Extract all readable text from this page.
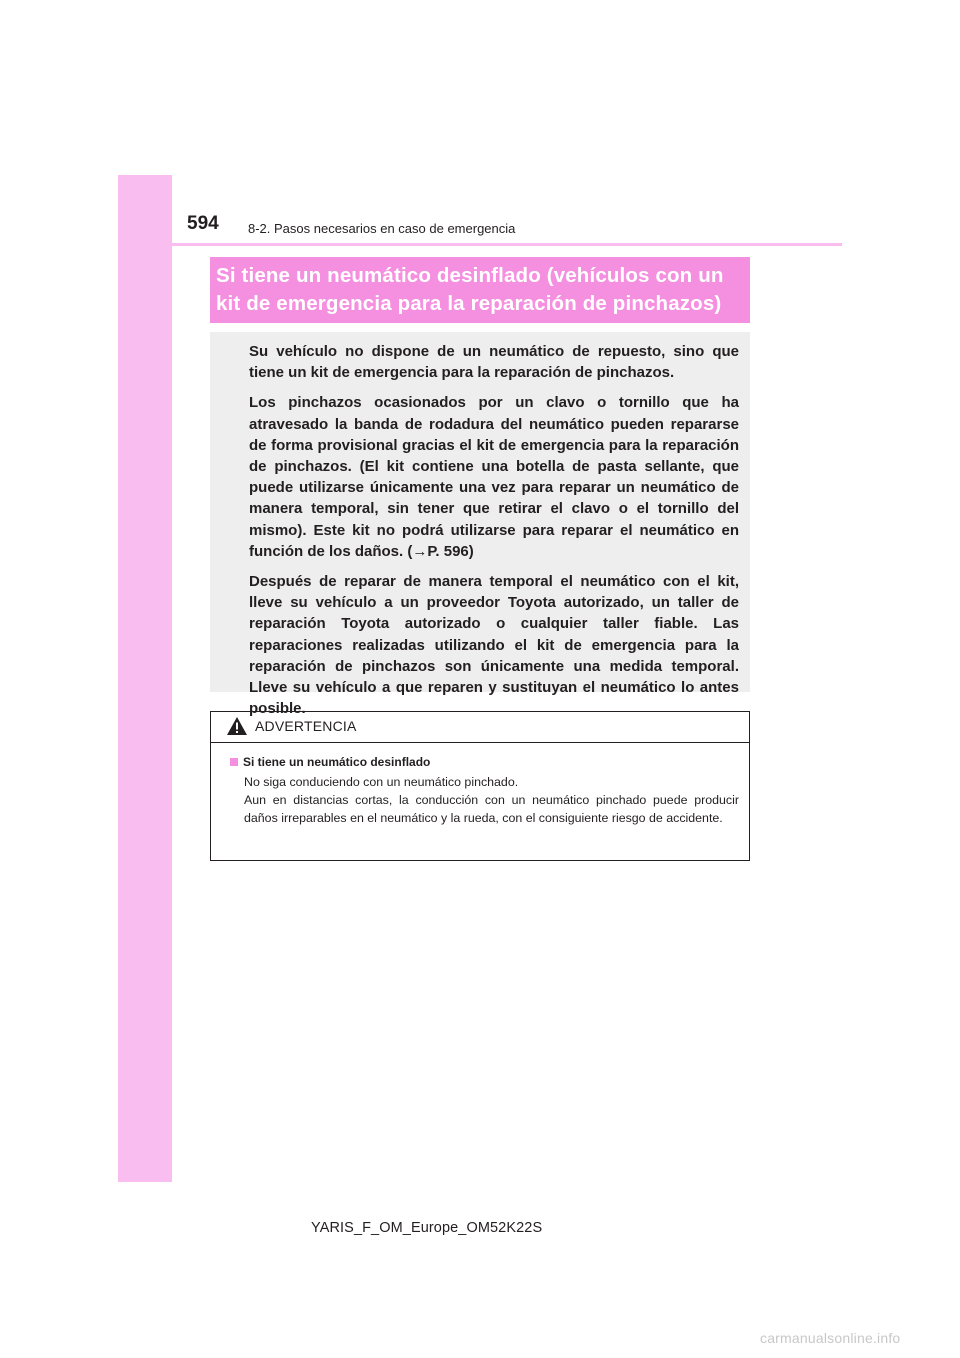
594 8-2. Pasos necesarios en caso de emergencia
Si tiene un neumático desinflado (vehículos con un
kit de emergencia para la reparación de pinchazos)

Su vehículo no dispone de un neumático de repuesto, sino que tiene un kit de emergencia para la reparación de pinchazos.

Los pinchazos ocasionados por un clavo o tornillo que ha atravesado la banda de rodadura del neumático pueden repararse de forma provisional gracias el kit de emergencia para la reparación de pinchazos. (El kit contiene una botella de pasta sellante, que puede utilizarse únicamente una vez para reparar un neumático de manera temporal, sin tener que retirar el clavo o el tornillo del mismo). Este kit no podrá utilizarse para reparar el neumático en función de los daños. (→P. 596)

Después de reparar de manera temporal el neumático con el kit, lleve su vehículo a un proveedor Toyota autorizado, un taller de reparación Toyota autorizado o cualquier taller fiable. Las reparaciones realizadas utilizando el kit de emergencia para la reparación de pinchazos son únicamente una medida temporal. Lleve su vehículo a que reparen y sustituyan el neumático lo antes posible.

ADVERTENCIA
Si tiene un neumático desinflado

No siga conduciendo con un neumático pinchado.

Aun en distancias cortas, la conducción con un neumático pinchado puede producir daños irreparables en el neumático y la rueda, con el consiguiente riesgo de accidente.

YARIS_F_OM_Europe_OM52K22S
carmanualsonline.info
